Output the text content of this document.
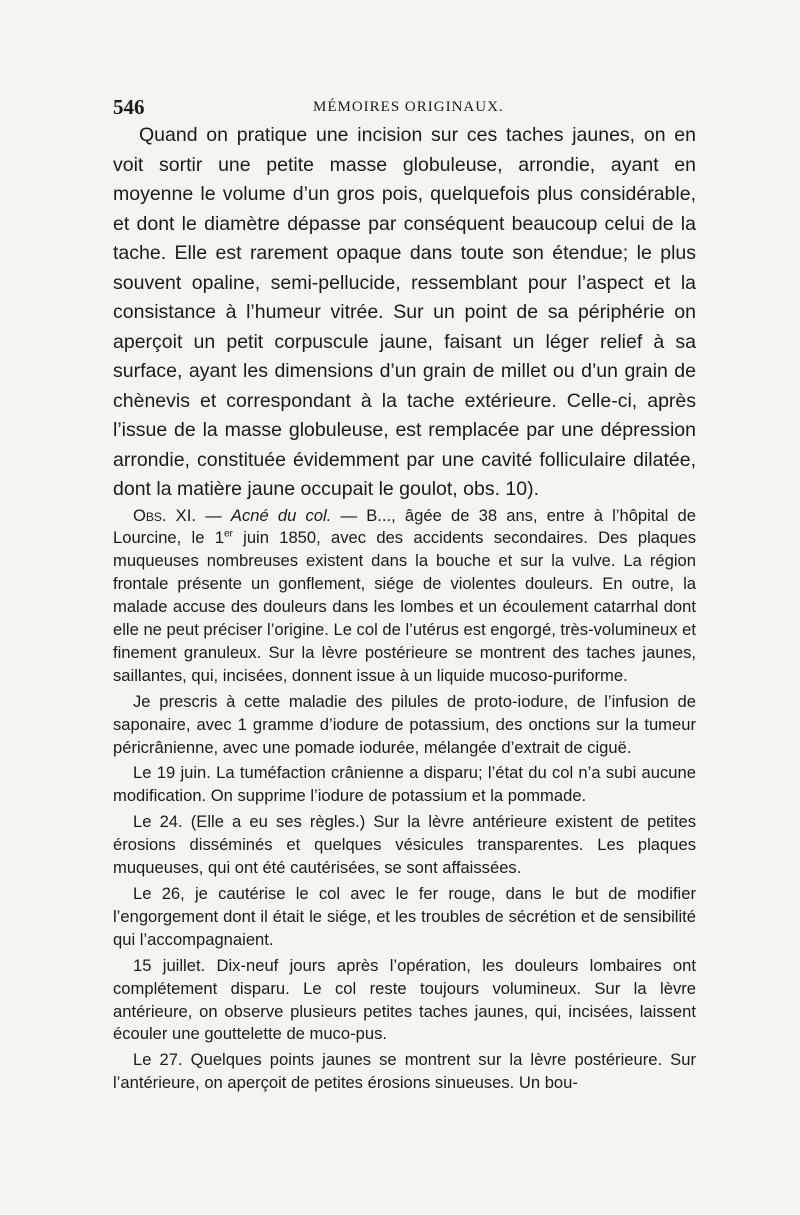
546	MÉMOIRES ORIGINAUX.

Quand on pratique une incision sur ces taches jaunes, on en voit sortir une petite masse globuleuse, arrondie, ayant en moyenne le volume d’un gros pois, quelquefois plus considérable, et dont le diamètre dépasse par conséquent beaucoup celui de la tache. Elle est rarement opaque dans toute son étendue; le plus souvent opaline, semi-pellucide, ressemblant pour l’aspect et la consistance à l’humeur vitrée. Sur un point de sa périphérie on aperçoit un petit corpuscule jaune, faisant un léger relief à sa surface, ayant les dimensions d’un grain de millet ou d’un grain de chènevis et correspondant à la tache extérieure. Celle-ci, après l’issue de la masse globuleuse, est remplacée par une dépression arrondie, constituée évidemment par une cavité folliculaire dilatée, dont la matière jaune occupait le goulot, obs. 10).

Obs. XI. — Acné du col. — B..., âgée de 38 ans, entre à l’hôpital de Lourcine, le 1er juin 1850, avec des accidents secondaires. Des plaques muqueuses nombreuses existent dans la bouche et sur la vulve. La région frontale présente un gonflement, siége de violentes douleurs. En outre, la malade accuse des douleurs dans les lombes et un écoulement catarrhal dont elle ne peut préciser l’origine. Le col de l’utérus est engorgé, très-volumineux et finement granuleux. Sur la lèvre postérieure se montrent des taches jaunes, saillantes, qui, incisées, donnent issue à un liquide mucoso-puriforme.

Je prescris à cette maladie des pilules de proto-iodure, de l’infusion de saponaire, avec 1 gramme d’iodure de potassium, des onctions sur la tumeur péricrânienne, avec une pomade iodurée, mélangée d’extrait de ciguë.

Le 19 juin. La tuméfaction crânienne a disparu; l’état du col n’a subi aucune modification. On supprime l’iodure de potassium et la pommade.

Le 24. (Elle a eu ses règles.) Sur la lèvre antérieure existent de petites érosions disséminés et quelques vésicules transparentes. Les plaques muqueuses, qui ont été cautérisées, se sont affaissées.

Le 26, je cautérise le col avec le fer rouge, dans le but de modifier l’engorgement dont il était le siége, et les troubles de sécrétion et de sensibilité qui l’accompagnaient.

15 juillet. Dix-neuf jours après l’opération, les douleurs lombaires ont complétement disparu. Le col reste toujours volumineux. Sur la lèvre antérieure, on observe plusieurs petites taches jaunes, qui, incisées, laissent écouler une gouttelette de muco-pus.

Le 27. Quelques points jaunes se montrent sur la lèvre postérieure. Sur l’antérieure, on aperçoit de petites érosions sinueuses. Un bou-
